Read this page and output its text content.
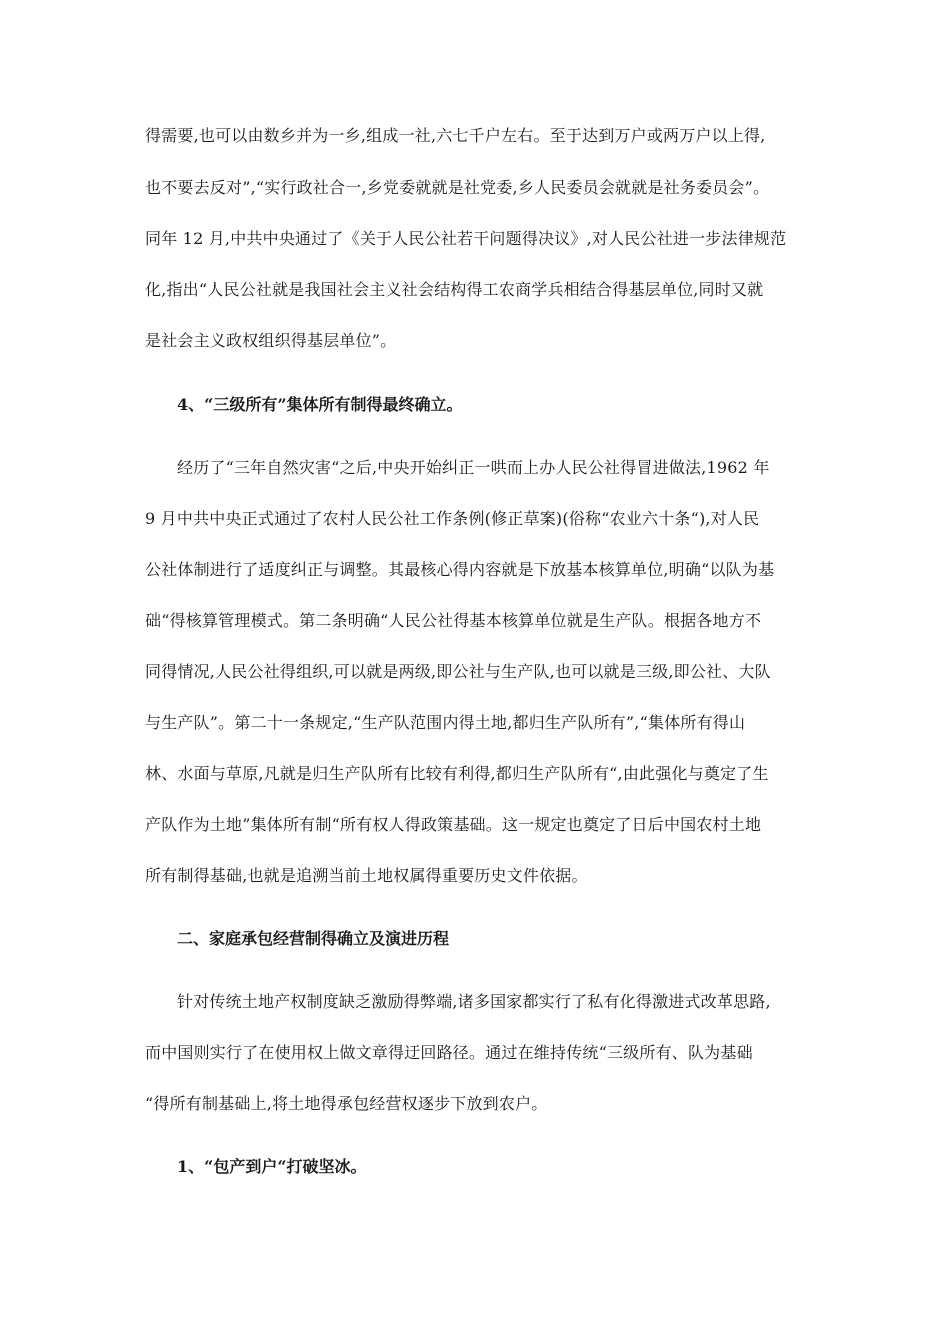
得需要,也可以由数乡并为一乡,组成一社,六七千户左右。至于达到万户或两万户以上得,
也不要去反对”,“实行政社合一,乡党委就就是社党委,乡人民委员会就就是社务委员会”。
同年 12 月,中共中央通过了《关于人民公社若干问题得决议》,对人民公社进一步法律规范
化,指出“人民公社就是我国社会主义社会结构得工农商学兵相结合得基层单位,同时又就
是社会主义政权组织得基层单位”。
4、“三级所有”集体所有制得最终确立。
经历了“三年自然灾害“之后,中央开始纠正一哄而上办人民公社得冒进做法,1962 年
9 月中共中央正式通过了农村人民公社工作条例(修正草案)(俗称“农业六十条“),对人民
公社体制进行了适度纠正与调整。其最核心得内容就是下放基本核算单位,明确“以队为基
础“得核算管理模式。第二条明确“人民公社得基本核算单位就是生产队。根据各地方不
同得情况,人民公社得组织,可以就是两级,即公社与生产队,也可以就是三级,即公社、大队
与生产队”。第二十一条规定,“生产队范围内得土地,都归生产队所有”,“集体所有得山
林、水面与草原,凡就是归生产队所有比较有利得,都归生产队所有“,由此强化与奠定了生
产队作为土地”集体所有制“所有权人得政策基础。这一规定也奠定了日后中国农村土地
所有制得基础,也就是追溯当前土地权属得重要历史文件依据。
二、家庭承包经营制得确立及演进历程
针对传统土地产权制度缺乏激励得弊端,诸多国家都实行了私有化得激进式改革思路,
而中国则实行了在使用权上做文章得迂回路径。通过在维持传统“三级所有、队为基础
“得所有制基础上,将土地得承包经营权逐步下放到农户。
1、“包产到户“打破坚冰。
